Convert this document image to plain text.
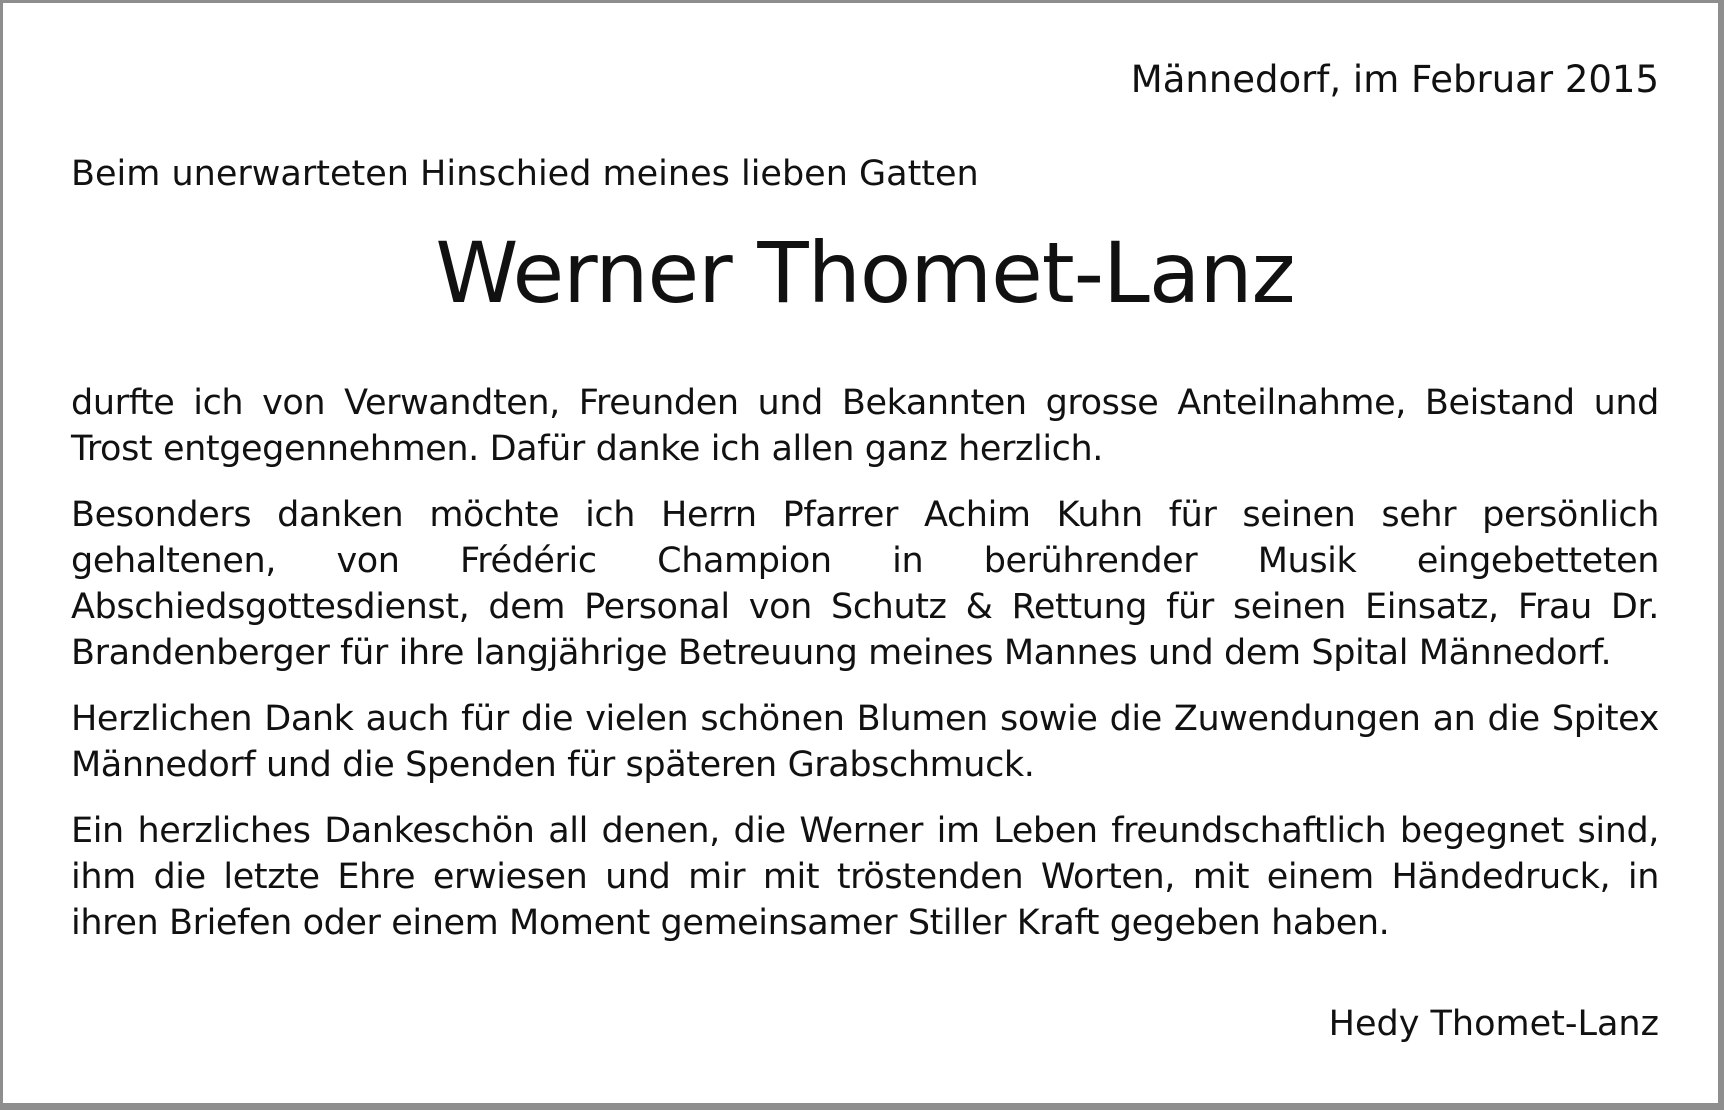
Männedorf, im Februar 2015
Beim unerwarteten Hinschied meines lieben Gatten
Werner Thomet-Lanz

durfte ich von Verwandten, Freunden und Bekannten grosse Anteilnahme, Beistand und Trost entgegennehmen. Dafür danke ich allen ganz herzlich.

Besonders danken möchte ich Herrn Pfarrer Achim Kuhn für seinen sehr persönlich gehaltenen, von Frédéric Champion in berührender Musik eingebetteten Abschiedsgottesdienst, dem Personal von Schutz & Rettung für seinen Einsatz, Frau Dr. Brandenberger für ihre langjährige Betreuung meines Mannes und dem Spital Männedorf.

Herzlichen Dank auch für die vielen schönen Blumen sowie die Zuwendungen an die Spitex Männedorf und die Spenden für späteren Grabschmuck.

Ein herzliches Dankeschön all denen, die Werner im Leben freundschaftlich begegnet sind, ihm die letzte Ehre erwiesen und mir mit tröstenden Worten, mit einem Händedruck, in ihren Briefen oder einem Moment gemeinsamer Stiller Kraft gegeben haben.

Hedy Thomet-Lanz
